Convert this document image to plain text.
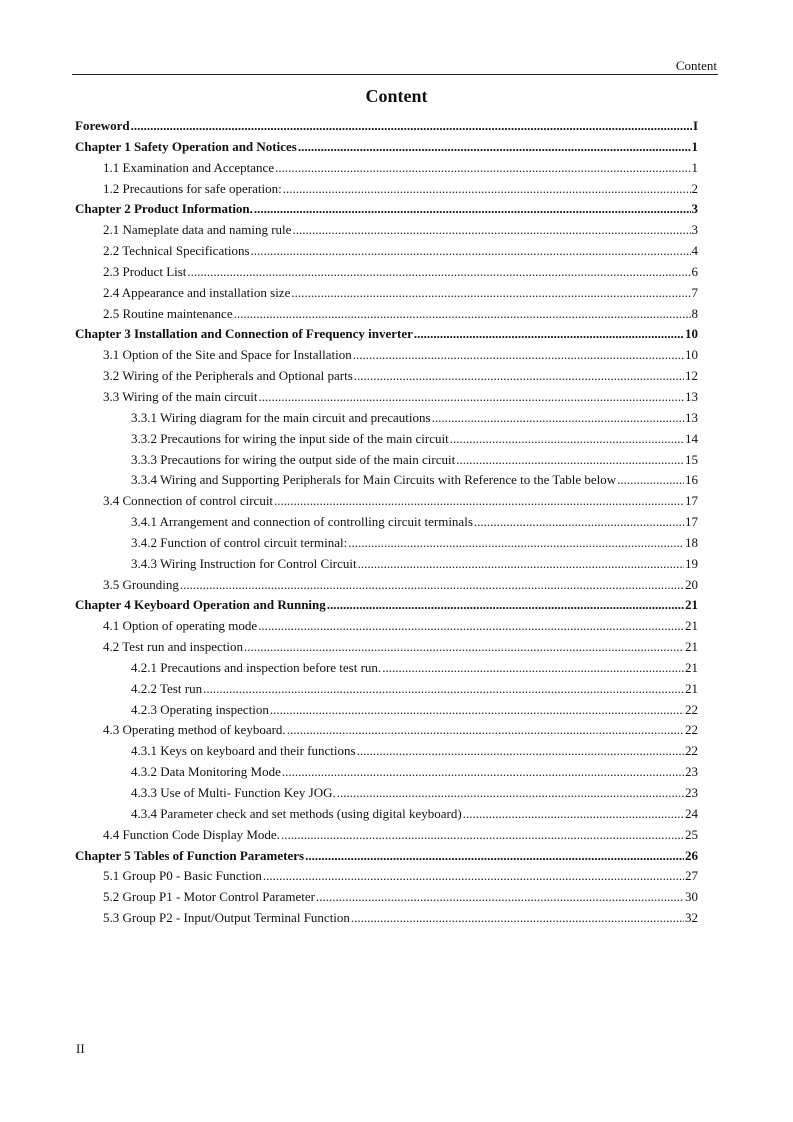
Content
Content
Foreword .....	I
Chapter 1 Safety Operation and Notices .....	1
1.1 Examination and Acceptance .....	1
1.2 Precautions for safe operation: .....	2
Chapter 2 Product Information. .....	3
2.1 Nameplate data and naming rule .....	3
2.2 Technical Specifications .....	4
2.3 Product List .....	6
2.4 Appearance and installation size .....	7
2.5 Routine maintenance .....	8
Chapter 3 Installation and Connection of Frequency inverter .....	10
3.1 Option of the Site and Space for Installation .....	10
3.2 Wiring of the Peripherals and Optional parts .....	12
3.3 Wiring of the main circuit .....	13
3.3.1 Wiring diagram for the main circuit and precautions .....	13
3.3.2 Precautions for wiring the input side of the main circuit .....	14
3.3.3 Precautions for wiring the output side of the main circuit .....	15
3.3.4 Wiring and Supporting Peripherals for Main Circuits with Reference to the Table below .....	16
3.4 Connection of control circuit .....	17
3.4.1 Arrangement and connection of controlling circuit terminals .....	17
3.4.2 Function of control circuit terminal: .....	18
3.4.3 Wiring Instruction for Control Circuit .....	19
3.5 Grounding .....	20
Chapter 4 Keyboard Operation and Running .....	21
4.1 Option of operating mode .....	21
4.2 Test run and inspection .....	21
4.2.1 Precautions and inspection before test run. .....	21
4.2.2 Test run .....	21
4.2.3 Operating inspection .....	22
4.3 Operating method of keyboard. .....	22
4.3.1 Keys on keyboard and their functions .....	22
4.3.2 Data Monitoring Mode .....	23
4.3.3 Use of Multi- Function Key JOG. .....	23
4.3.4 Parameter check and set methods (using digital keyboard) .....	24
4.4 Function Code Display Mode. .....	25
Chapter 5 Tables of Function Parameters .....	26
5.1 Group P0 - Basic Function .....	27
5.2 Group P1 - Motor Control Parameter .....	30
5.3 Group P2 - Input/Output Terminal Function .....	32
II
